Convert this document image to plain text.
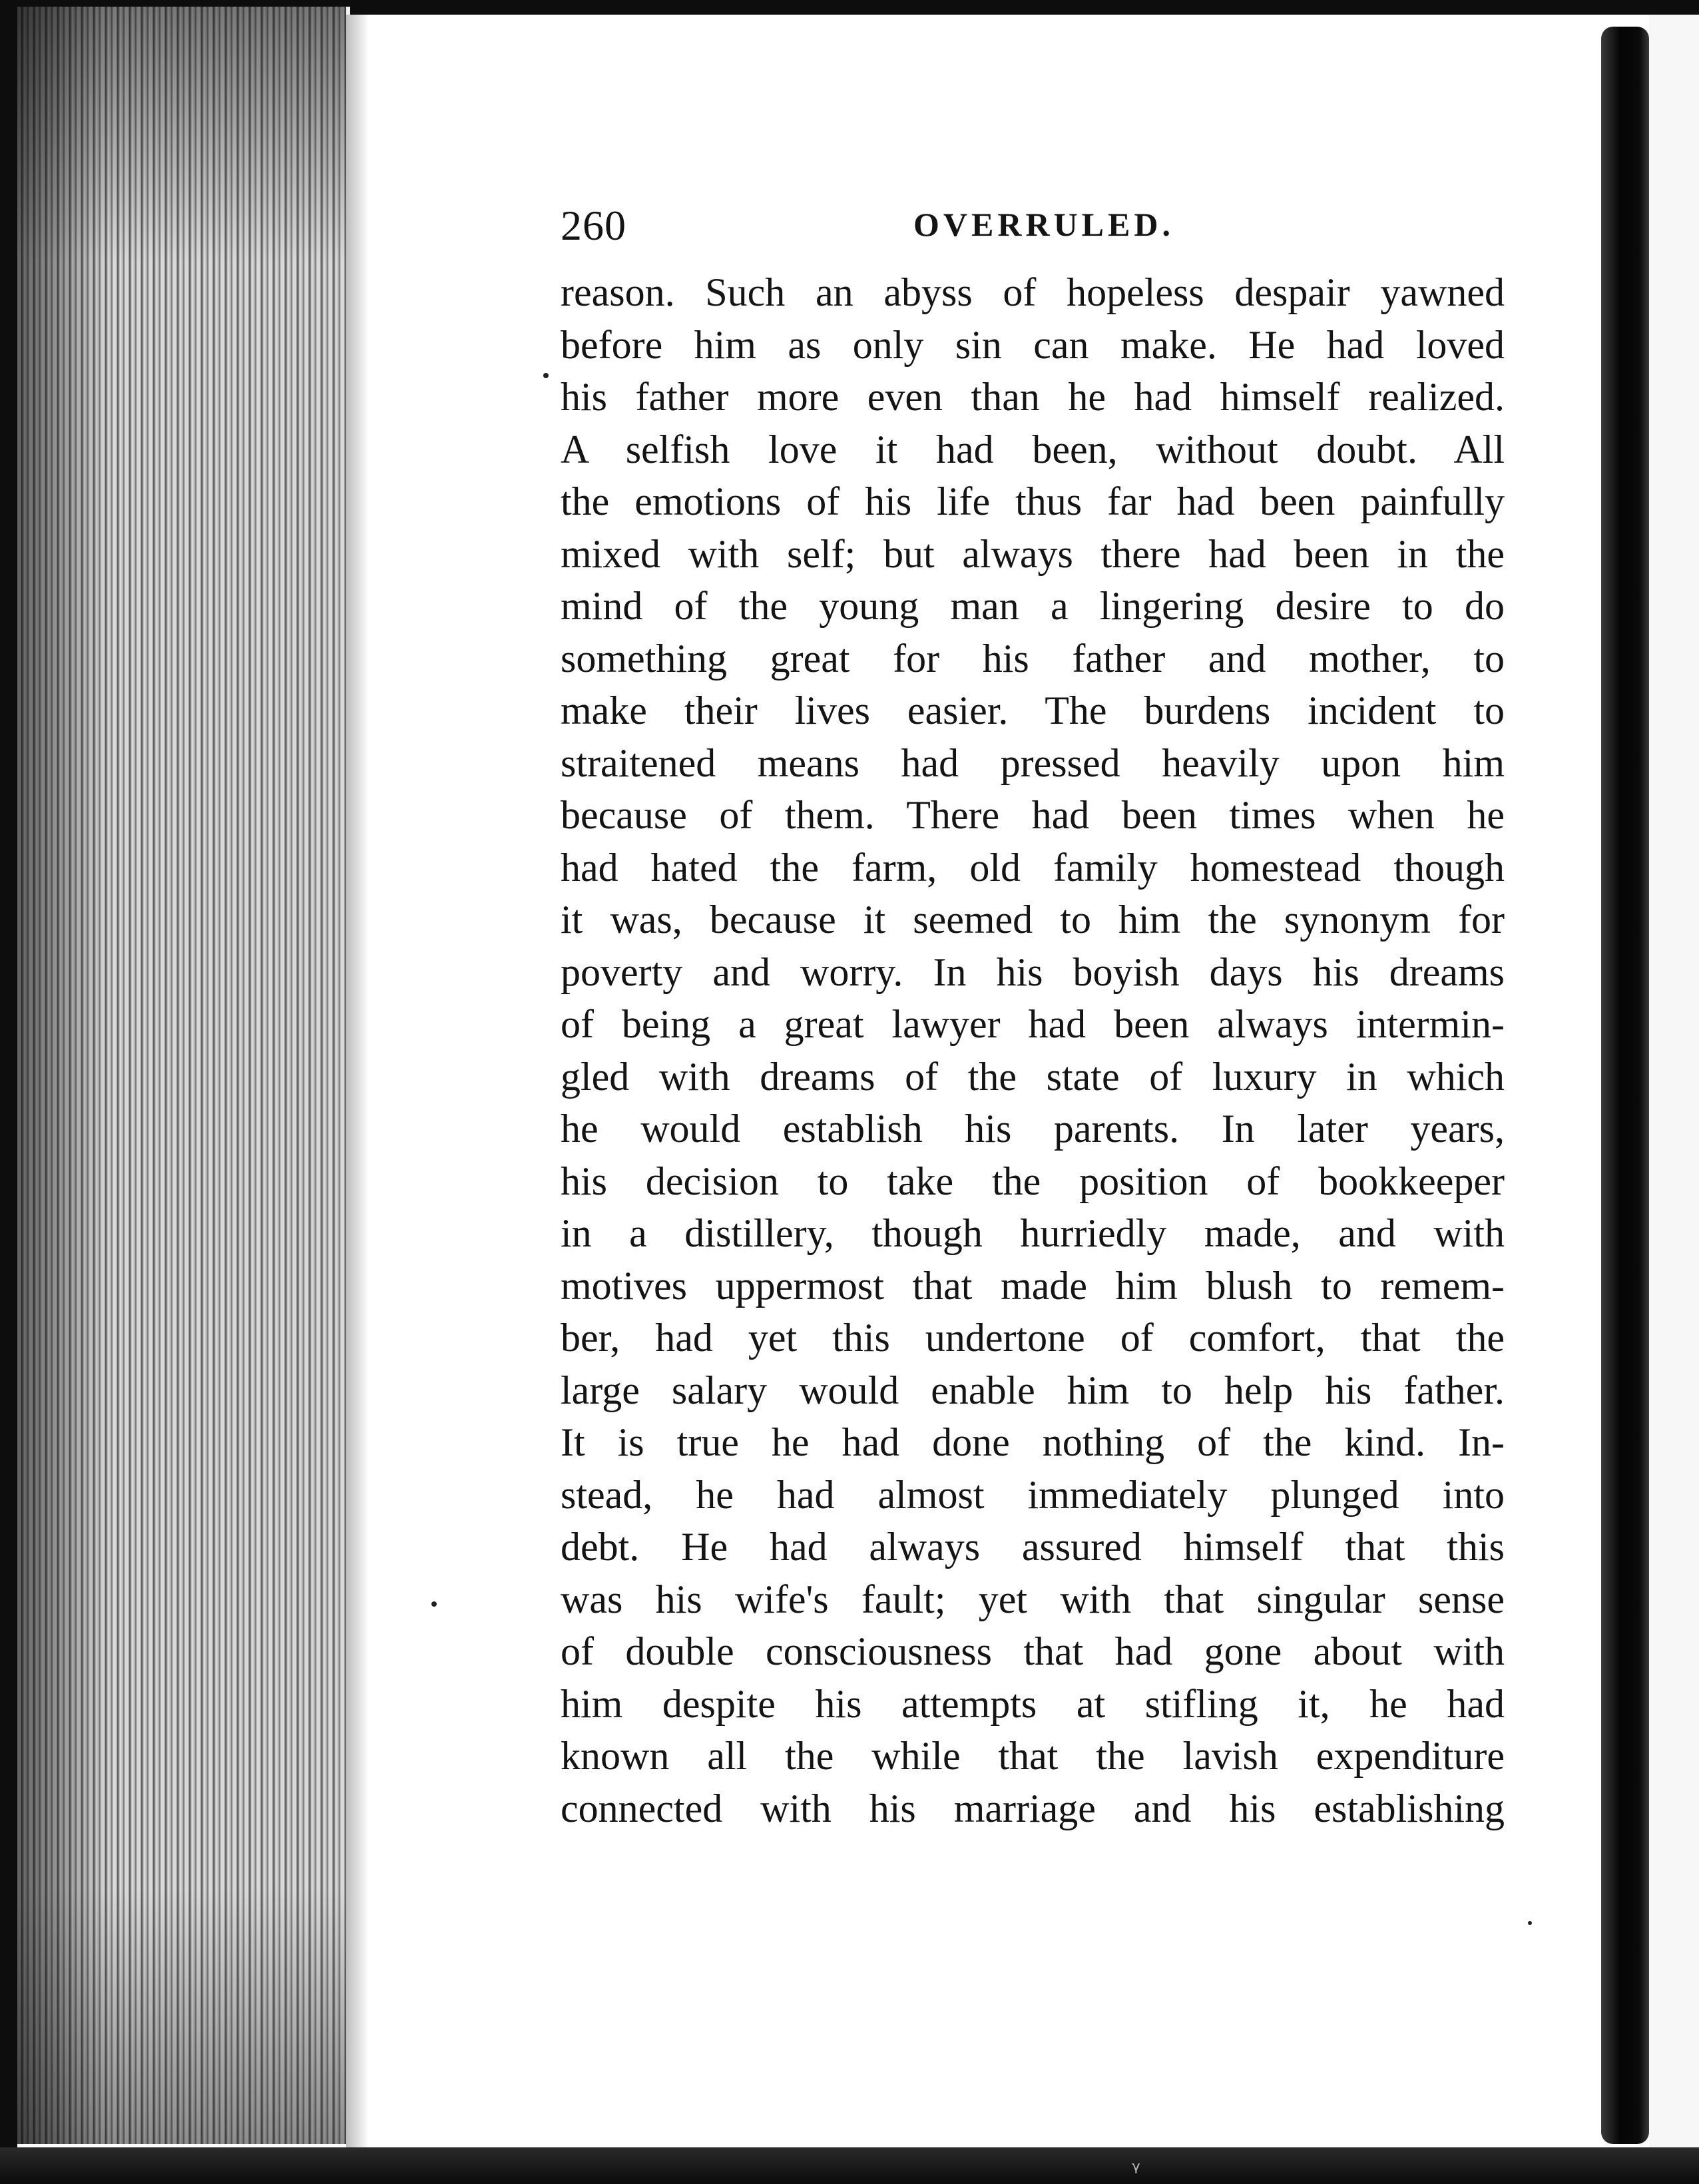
260	OVERRULED.
reason. Such an abyss of hopeless despair yawned
before him as only sin can make. He had loved
his father more even than he had himself realized.
A selfish love it had been, without doubt. All
the emotions of his life thus far had been painfully
mixed with self; but always there had been in the
mind of the young man a lingering desire to do
something great for his father and mother, to
make their lives easier. The burdens incident to
straitened means had pressed heavily upon him
because of them. There had been times when he
had hated the farm, old family homestead though
it was, because it seemed to him the synonym for
poverty and worry. In his boyish days his dreams
of being a great lawyer had been always intermin-
gled with dreams of the state of luxury in which
he would establish his parents. In later years,
his decision to take the position of bookkeeper
in a distillery, though hurriedly made, and with
motives uppermost that made him blush to remem-
ber, had yet this undertone of comfort, that the
large salary would enable him to help his father.
It is true he had done nothing of the kind. In-
stead, he had almost immediately plunged into
debt. He had always assured himself that this
was his wife's fault; yet with that singular sense
of double consciousness that had gone about with
him despite his attempts at stifling it, he had
known all the while that the lavish expenditure
connected with his marriage and his establishing
ᵞ
